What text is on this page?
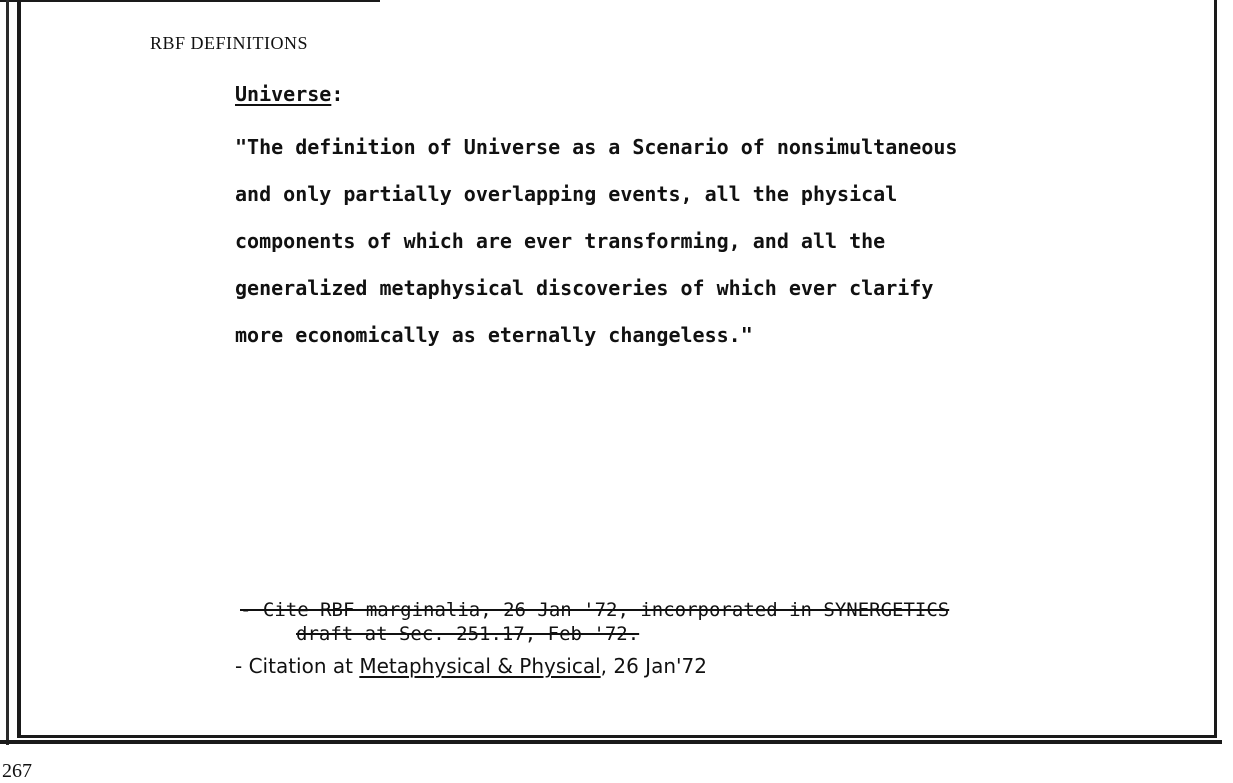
RBF DEFINITIONS
Universe:
"The definition of Universe as a Scenario of nonsimultaneous
and only partially overlapping events, all the physical
components of which are ever transforming, and all the
generalized metaphysical discoveries of which ever clarify
more economically as eternally changeless."
- Cite RBF marginalia, 26 Jan '72, incorporated in SYNERGETICS
draft at Sec. 251.17, Feb '72.
- Citation at Metaphysical & Physical, 26 Jan'72
267
